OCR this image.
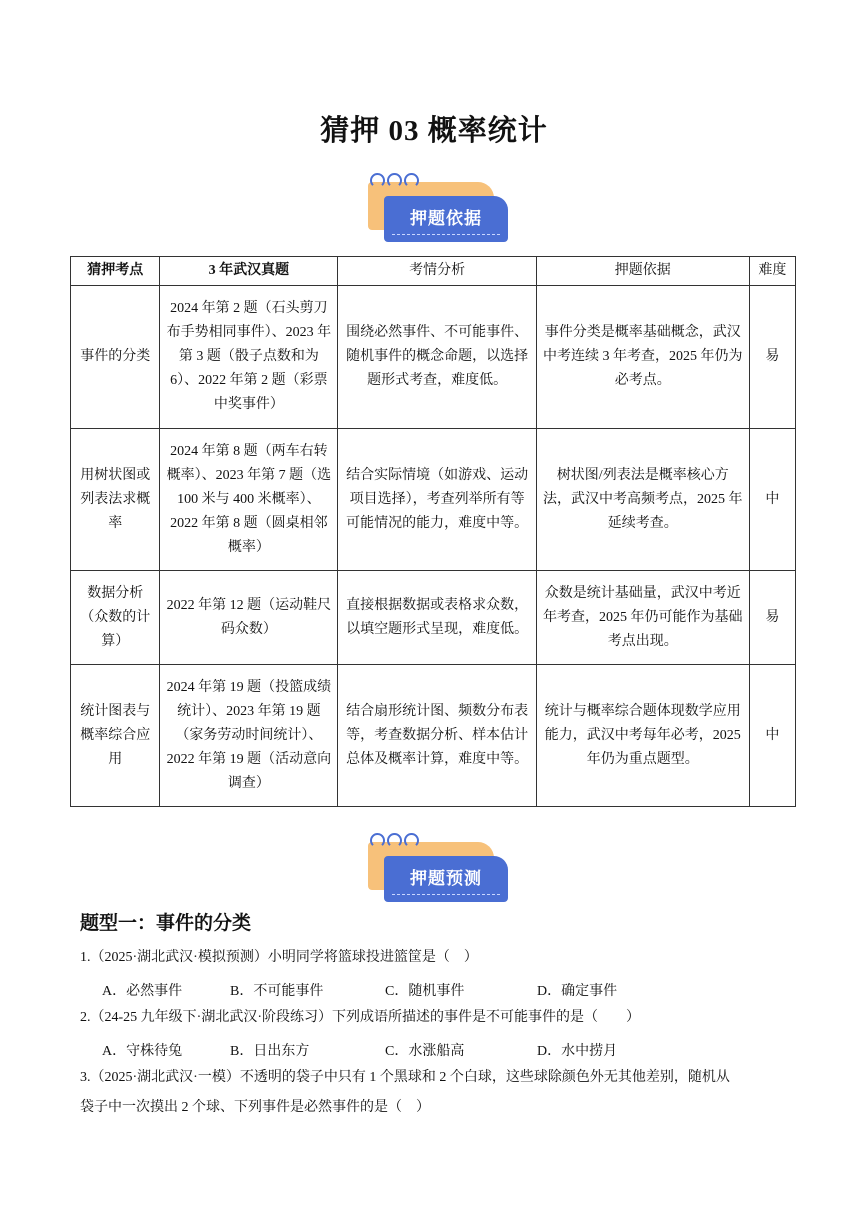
猜押 03 概率统计
押题依据
猜押考点	3 年武汉真题	考情分析	押题依据	难度
事件的分类	2024 年第 2 题（石头剪刀布手势相同事件）、2023 年第 3 题（骰子点数和为 6）、2022 年第 2 题（彩票中奖事件）	围绕必然事件、不可能事件、随机事件的概念命题，以选择题形式考查，难度低。	事件分类是概率基础概念，武汉中考连续 3 年考查，2025 年仍为必考点。	易
用树状图或列表法求概率	2024 年第 8 题（两车右转概率）、2023 年第 7 题（选 100 米与 400 米概率）、2022 年第 8 题（圆桌相邻概率）	结合实际情境（如游戏、运动项目选择），考查列举所有等可能情况的能力，难度中等。	树状图/列表法是概率核心方法，武汉中考高频考点，2025 年延续考查。	中
数据分析（众数的计算）	2022 年第 12 题（运动鞋尺码众数）	直接根据数据或表格求众数，以填空题形式呈现，难度低。	众数是统计基础量，武汉中考近年考查，2025 年仍可能作为基础考点出现。	易
统计图表与概率综合应用	2024 年第 19 题（投篮成绩统计）、2023 年第 19 题（家务劳动时间统计）、2022 年第 19 题（活动意向调查）	结合扇形统计图、频数分布表等，考查数据分析、样本估计总体及概率计算，难度中等。	统计与概率综合题体现数学应用能力，武汉中考每年必考，2025 年仍为重点题型。	中
押题预测
题型一：事件的分类
1.（2025·湖北武汉·模拟预测）小明同学将篮球投进篮筐是（　）
A．必然事件	B．不可能事件	C．随机事件	D．确定事件
2.（24-25 九年级下·湖北武汉·阶段练习）下列成语所描述的事件是不可能事件的是（　　）
A．守株待兔	B．日出东方	C．水涨船高	D．水中捞月
3.（2025·湖北武汉·一模）不透明的袋子中只有 1 个黑球和 2 个白球，这些球除颜色外无其他差别，随机从
袋子中一次摸出 2 个球、下列事件是必然事件的是（　）
